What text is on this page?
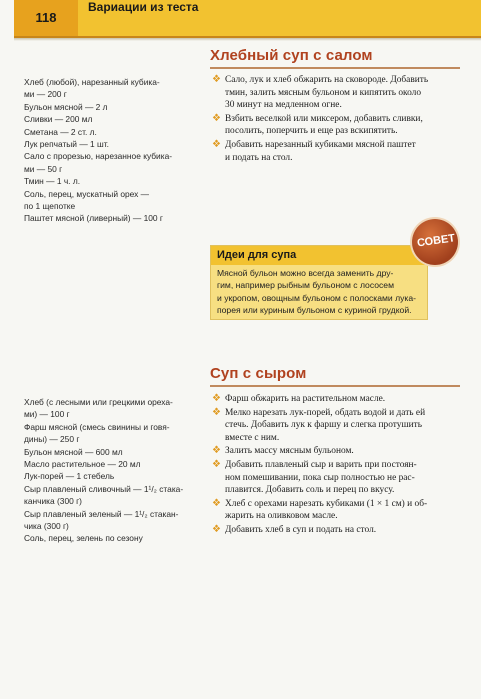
118
Вариации из теста
Хлебный суп с салом
Хлеб (любой), нарезанный кубика-
ми — 200 г
Бульон мясной — 2 л
Сливки — 200 мл
Сметана — 2 ст. л.
Лук репчатый — 1 шт.
Сало с прорезью, нарезанное кубика-
ми — 50 г
Тмин — 1 ч. л.
Соль, перец, мускатный орех —
по 1 щепотке
Паштет мясной (ливерный) — 100 г
❖ Сало, лук и хлеб обжарить на сковороде. Добавить
тмин, залить мясным бульоном и кипятить около
30 минут на медленном огне.
❖ Взбить веселкой или миксером, добавить сливки,
посолить, поперчить и еще раз вскипятить.
❖ Добавить нарезанный кубиками мясной паштет
и подать на стол.
Идеи для супа
Мясной бульон можно всегда заменить дру-
гим, например рыбным бульоном с лососем
и укропом, овощным бульоном с полосками лука-
порея или куриным бульоном с куриной грудкой.
СОВЕТ
Суп с сыром
Хлеб (с лесными или грецкими ореха-
ми) — 100 г
Фарш мясной (смесь свинины и говя-
дины) — 250 г
Бульон мясной — 600 мл
Масло растительное — 20 мл
Лук-порей — 1 стебель
Сыр плавленый сливочный — 1¹/₂ стака-
канчика (300 г)
Сыр плавленый зеленый — 1¹/₂ стакан-
чика (300 г)
Соль, перец, зелень по сезону
❖ Фарш обжарить на растительном масле.
❖ Мелко нарезать лук-порей, обдать водой и дать ей
стечь. Добавить лук к фаршу и слегка протушить
вместе с ним.
❖ Залить массу мясным бульоном.
❖ Добавить плавленый сыр и варить при постоян-
ном помешивании, пока сыр полностью не рас-
плавится. Добавить соль и перец по вкусу.
❖ Хлеб с орехами нарезать кубиками (1 × 1 см) и об-
жарить на оливковом масле.
❖ Добавить хлеб в суп и подать на стол.
